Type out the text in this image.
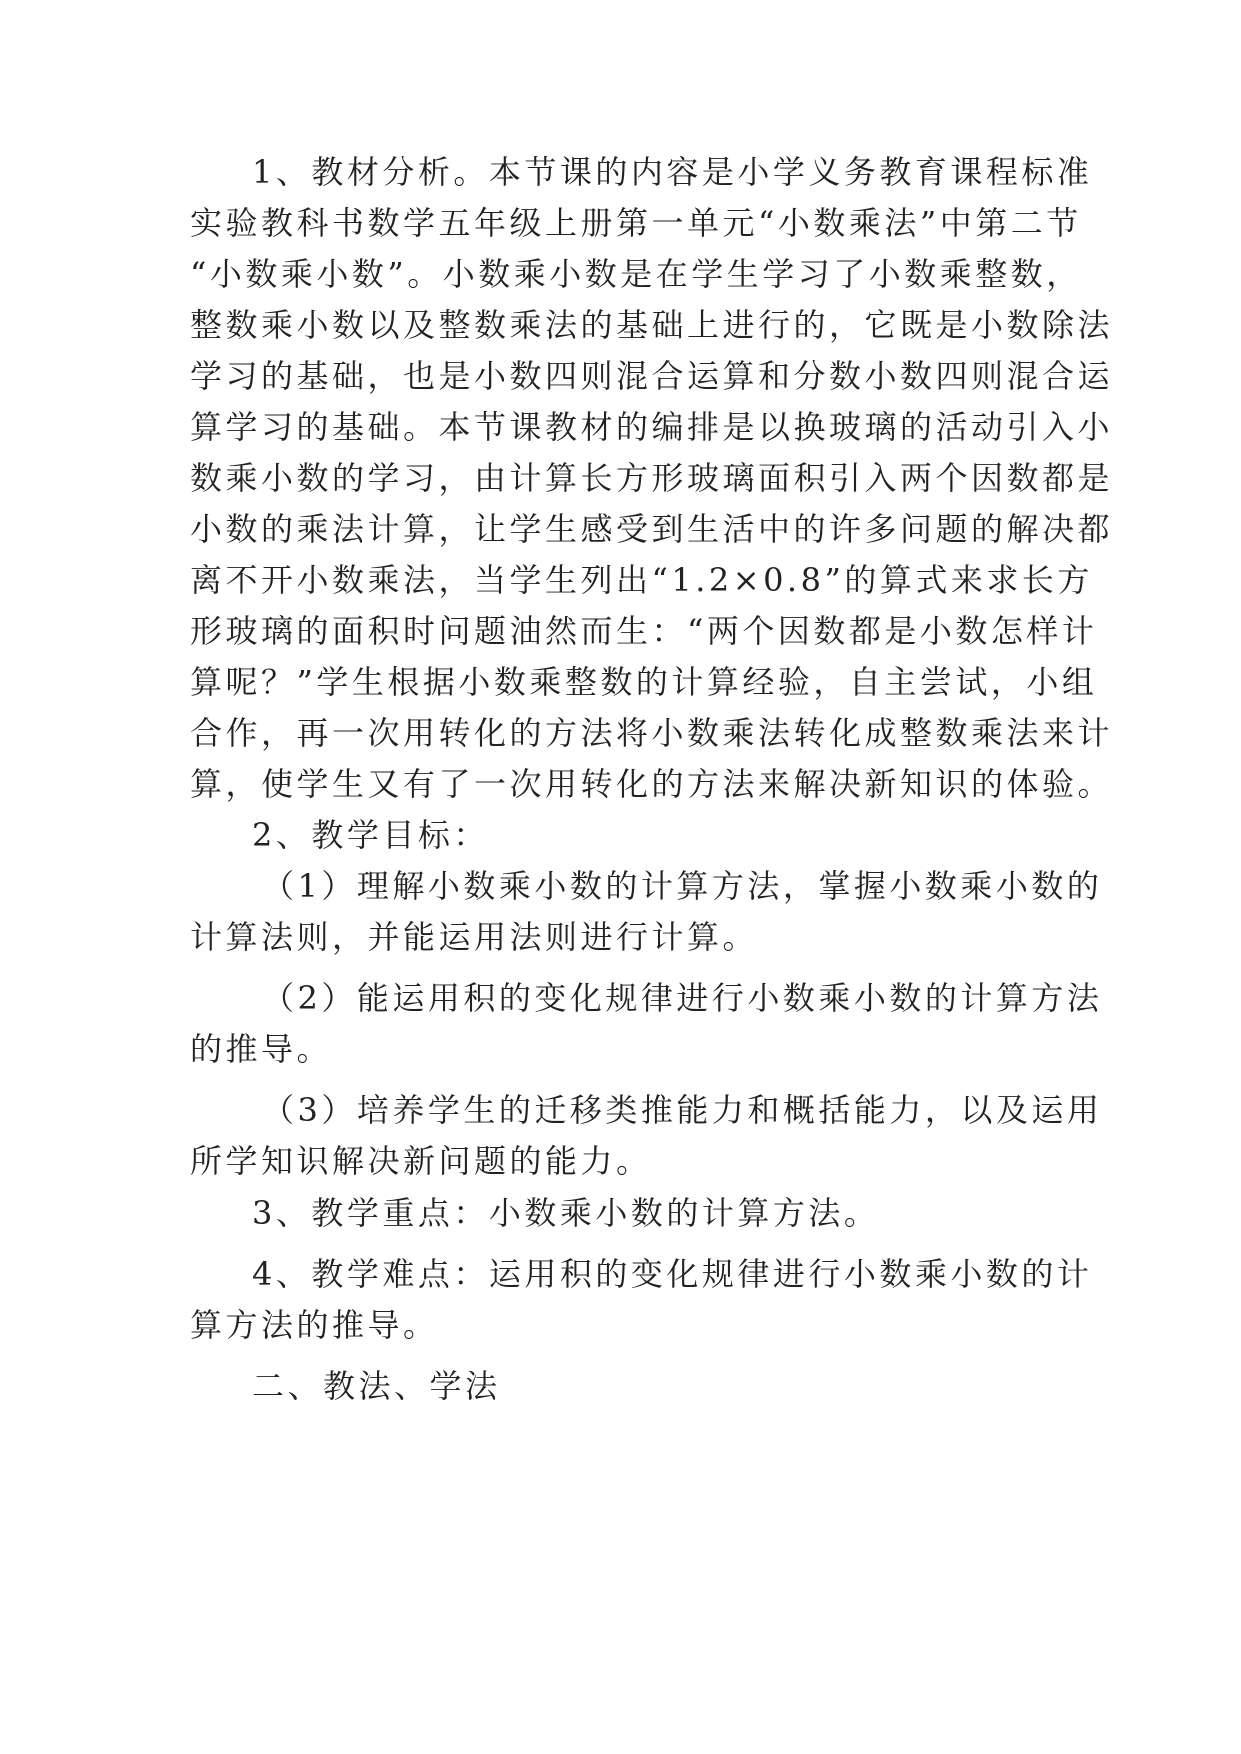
1、教材分析。本节课的内容是小学义务教育课程标准
实验教科书数学五年级上册第一单元“小数乘法”中第二节
“小数乘小数”。小数乘小数是在学生学习了小数乘整数，
整数乘小数以及整数乘法的基础上进行的，它既是小数除法
学习的基础，也是小数四则混合运算和分数小数四则混合运
算学习的基础。本节课教材的编排是以换玻璃的活动引入小
数乘小数的学习，由计算长方形玻璃面积引入两个因数都是
小数的乘法计算，让学生感受到生活中的许多问题的解决都
离不开小数乘法，当学生列出“1.2×0.8”的算式来求长方
形玻璃的面积时问题油然而生：“两个因数都是小数怎样计
算呢？”学生根据小数乘整数的计算经验，自主尝试，小组
合作，再一次用转化的方法将小数乘法转化成整数乘法来计
算，使学生又有了一次用转化的方法来解决新知识的体验。
2、教学目标：
（1）理解小数乘小数的计算方法，掌握小数乘小数的
计算法则，并能运用法则进行计算。
（2）能运用积的变化规律进行小数乘小数的计算方法
的推导。
（3）培养学生的迁移类推能力和概括能力，以及运用
所学知识解决新问题的能力。
3、教学重点：小数乘小数的计算方法。
4、教学难点：运用积的变化规律进行小数乘小数的计
算方法的推导。
二、教法、学法
